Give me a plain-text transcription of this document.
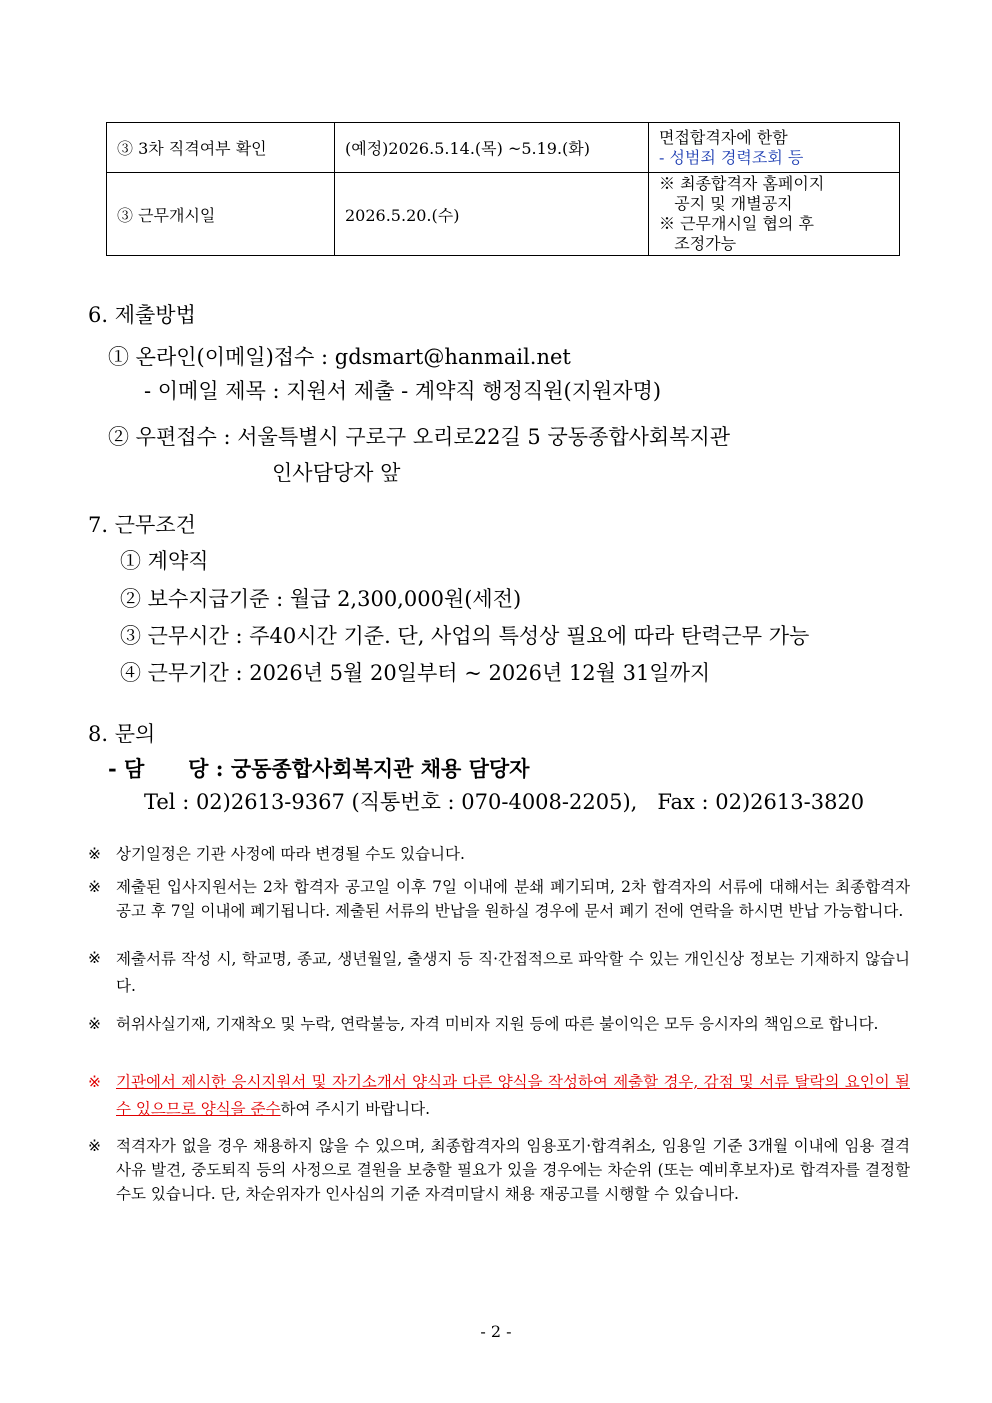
③ 3차 직격여부 확인	(예정)2026.5.14.(목) ~5.19.(화)	면접합격자에 한함
- 성범죄 경력조회 등

③ 근무개시일	2026.5.20.(수)	※ 최종합격자 홈페이지
공지 및 개별공지
※ 근무개시일 협의 후
조정가능
6. 제출방법
① 온라인(이메일)접수 : gdsmart@hanmail.net
- 이메일 제목 : 지원서 제출 - 계약직 행정직원(지원자명)
② 우편접수 : 서울특별시 구로구 오리로22길 5 궁동종합사회복지관
인사담당자 앞
7. 근무조건
① 계약직
② 보수지급기준 : 월급 2,300,000원(세전)
③ 근무시간 : 주40시간 기준. 단, 사업의 특성상 필요에 따라 탄력근무 가능
④ 근무기간 : 2026년 5월 20일부터 ~ 2026년 12월 31일까지
8. 문의
- 담      당 : 궁동종합사회복지관 채용 담당자
Tel : 02)2613-9367 (직통번호 : 070-4008-2205),   Fax : 02)2613-3820
※ 상기일정은 기관 사정에 따라 변경될 수도 있습니다.
※ 제출된 입사지원서는 2차 합격자 공고일 이후 7일 이내에 분쇄 폐기되며, 2차 합격자의 서류에 대해서는 최종합격자 공고 후 7일 이내에 폐기됩니다. 제출된 서류의 반납을 원하실 경우에 문서 폐기 전에 연락을 하시면 반납 가능합니다.
※ 제출서류 작성 시, 학교명, 종교, 생년월일, 출생지 등 직·간접적으로 파악할 수 있는 개인신상 정보는 기재하지 않습니다.
※ 허위사실기재, 기재착오 및 누락, 연락불능, 자격 미비자 지원 등에 따른 불이익은 모두 응시자의 책임으로 합니다.
※ 기관에서 제시한 응시지원서 및 자기소개서 양식과 다른 양식을 작성하여 제출할 경우, 감점 및 서류 탈락의 요인이 될 수 있으므로 양식을 준수하여 주시기 바랍니다.
※ 적격자가 없을 경우 채용하지 않을 수 있으며, 최종합격자의 임용포기·합격취소, 임용일 기준 3개월 이내에 임용 결격사유 발견, 중도퇴직 등의 사정으로 결원을 보충할 필요가 있을 경우에는 차순위 (또는 예비후보자)로 합격자를 결정할 수도 있습니다. 단, 차순위자가 인사심의 기준 자격미달시 채용 재공고를 시행할 수 있습니다.
- 2 -
